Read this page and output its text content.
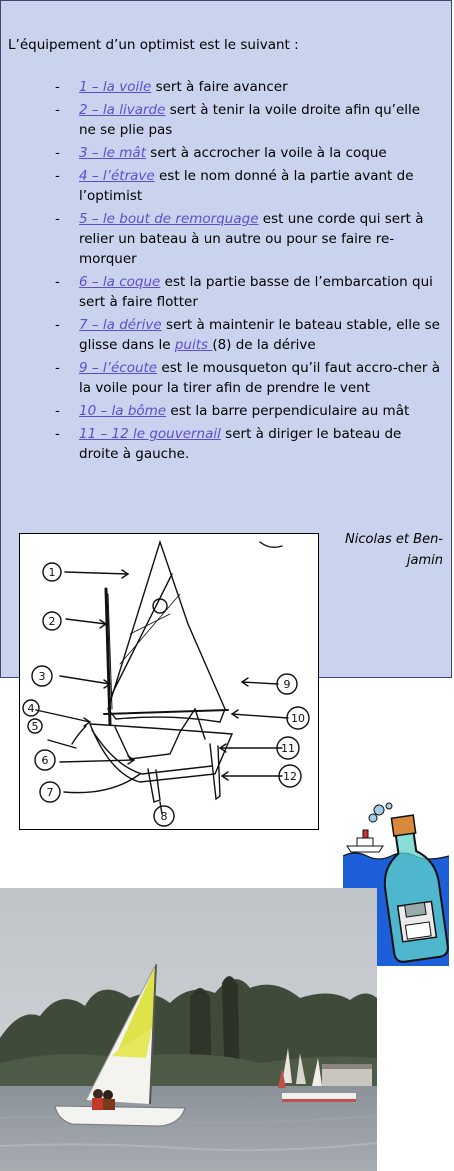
L’équipement d’un optimist est le suivant :
- 1 – la voile sert à faire avancer
- 2 – la livarde sert à tenir la voile droite afin qu’elle ne se plie pas
- 3 – le mât sert à accrocher la voile à la coque
- 4 – l’étrave est le nom donné à la partie avant de l’optimist
- 5 – le bout de remorquage est une corde qui sert à relier un bateau à un autre ou pour se faire re-morquer
- 6 – la coque est la partie basse de l’embarcation qui sert à faire flotter
- 7 – la dérive sert à maintenir le bateau stable, elle se glisse dans le puits (8) de la dérive
- 9 – l’écoute est le mousqueton qu’il faut accro-cher à la voile pour la tirer afin de prendre le vent
- 10 – la bôme est la barre perpendiculaire au mât
- 11 – 12 le gouvernail sert à diriger le bateau de droite à gauche.
Nicolas et Ben-
jamin
1
2
3
4
5
6
7
8
9
10
11
12
